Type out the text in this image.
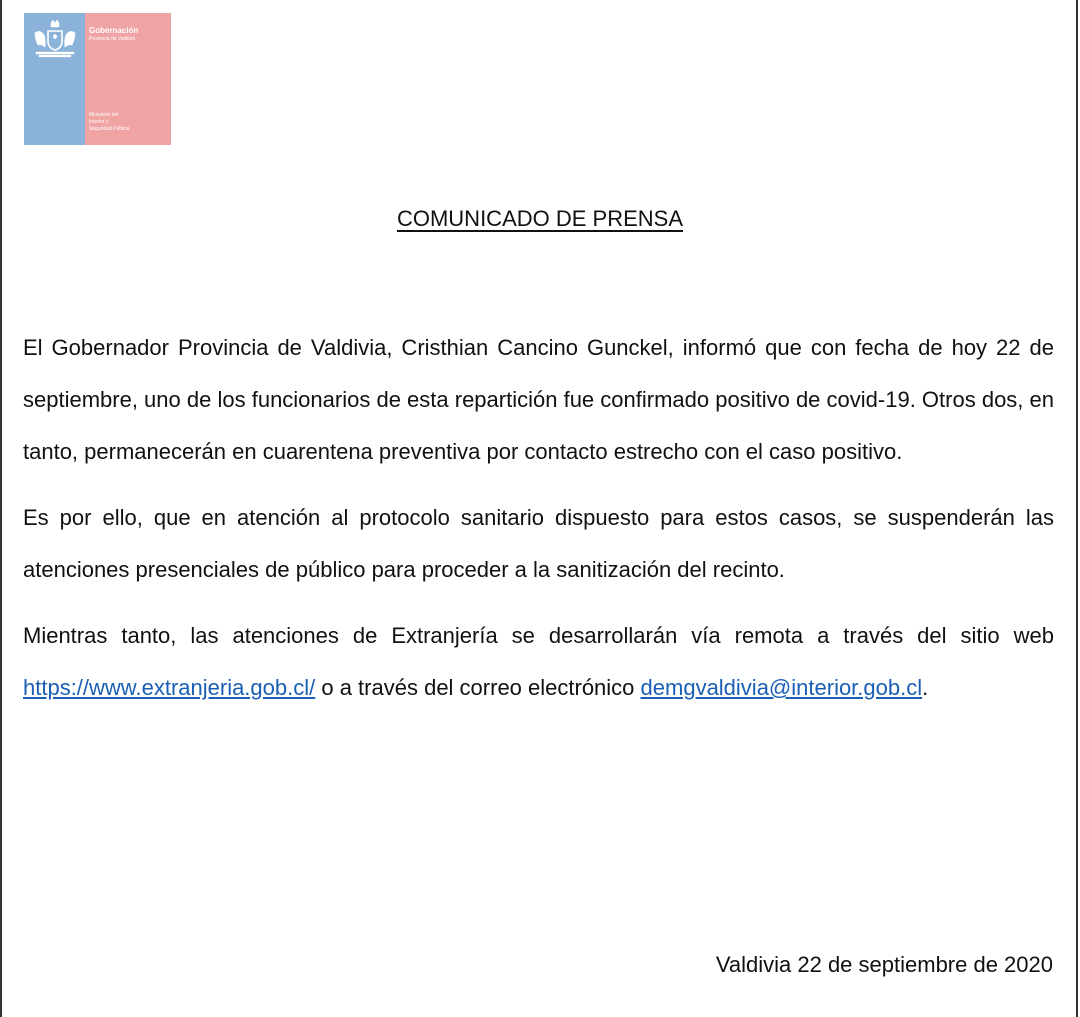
Gobernación
Provincia de Valdivia
Ministerio del
Interior y
Seguridad Pública
COMUNICADO DE PRENSA

El Gobernador Provincia de Valdivia, Cristhian Cancino Gunckel, informó que con fecha de hoy 22 de septiembre, uno de los funcionarios de esta repartición fue confirmado positivo de covid-19. Otros dos, en tanto, permanecerán en cuarentena preventiva por contacto estrecho con el caso positivo.

Es por ello, que en atención al protocolo sanitario dispuesto para estos casos, se suspenderán las atenciones presenciales de público para proceder a la sanitización del recinto.

Mientras tanto, las atenciones de Extranjería se desarrollarán vía remota a través del sitio web https://www.extranjeria.gob.cl/ o a través del correo electrónico demgvaldivia@interior.gob.cl.

Valdivia 22 de septiembre de 2020
